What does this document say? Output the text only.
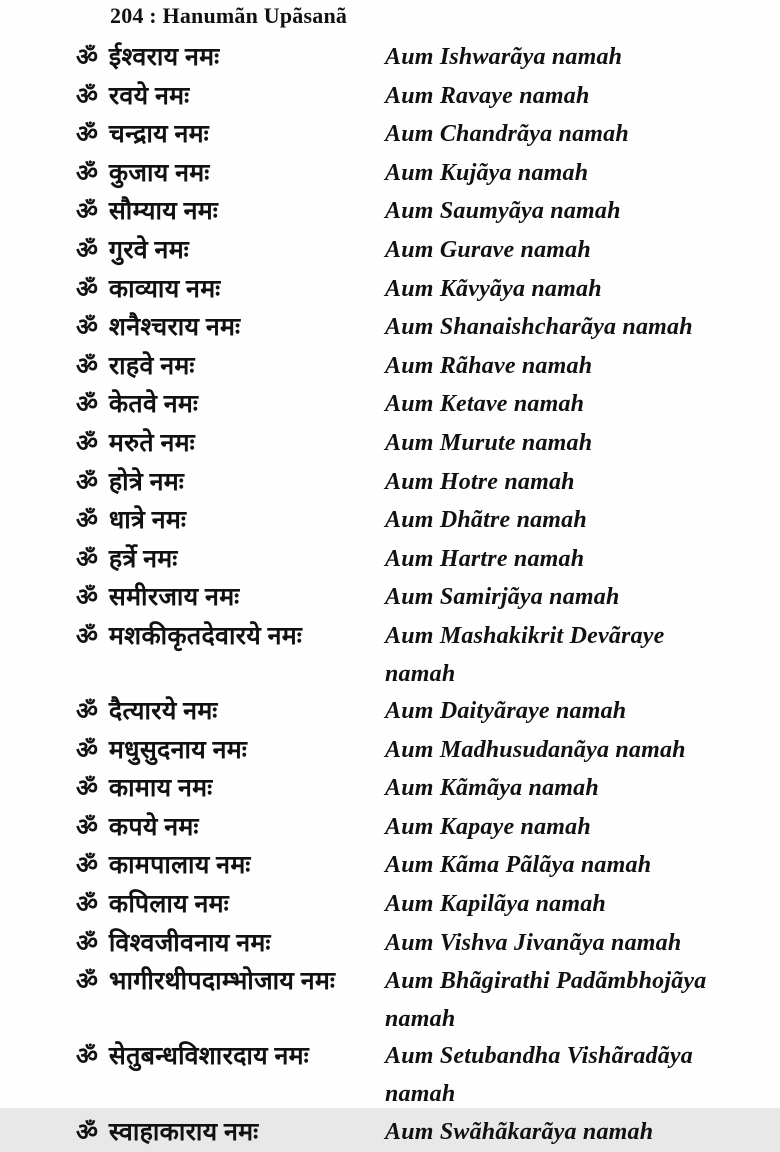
204 : Hanumãn Upãsanã
ॐ ईश्वराय नमः	Aum Ishwarãya namah
ॐ रवये नमः	Aum Ravaye namah
ॐ चन्द्राय नमः	Aum Chandrãya namah
ॐ कुजाय नमः	Aum Kujãya namah
ॐ सौम्याय नमः	Aum Saumyãya namah
ॐ गुरवे नमः	Aum Gurave namah
ॐ काव्याय नमः	Aum Kãvyãya namah
ॐ शनैश्चराय नमः	Aum Shanaishcharãya namah
ॐ राहवे नमः	Aum Rãhave namah
ॐ केतवे नमः	Aum Ketave namah
ॐ मरुते नमः	Aum Murute namah
ॐ होत्रे नमः	Aum Hotre namah
ॐ धात्रे नमः	Aum Dhãtre namah
ॐ हर्त्रे नमः	Aum Hartre namah
ॐ समीरजाय नमः	Aum Samirjãya namah
ॐ मशकीकृतदेवारये नमः	Aum Mashakikrit Devãraye
namah
ॐ दैत्यारये नमः	Aum Daityãraye namah
ॐ मधुसुदनाय नमः	Aum Madhusudanãya namah
ॐ कामाय नमः	Aum Kãmãya namah
ॐ कपये नमः	Aum Kapaye namah
ॐ कामपालाय नमः	Aum Kãma Pãlãya namah
ॐ कपिलाय नमः	Aum Kapilãya namah
ॐ विश्वजीवनाय नमः	Aum Vishva Jivanãya namah
ॐ भागीरथीपदाम्भोजाय नमः Aum Bhãgirathi Padãmbhojãya
namah
ॐ सेतुबन्धविशारदाय नमः	Aum Setubandha Vishãradãya
namah
ॐ स्वाहाकाराय नमः	Aum Swãhãkarãya namah
